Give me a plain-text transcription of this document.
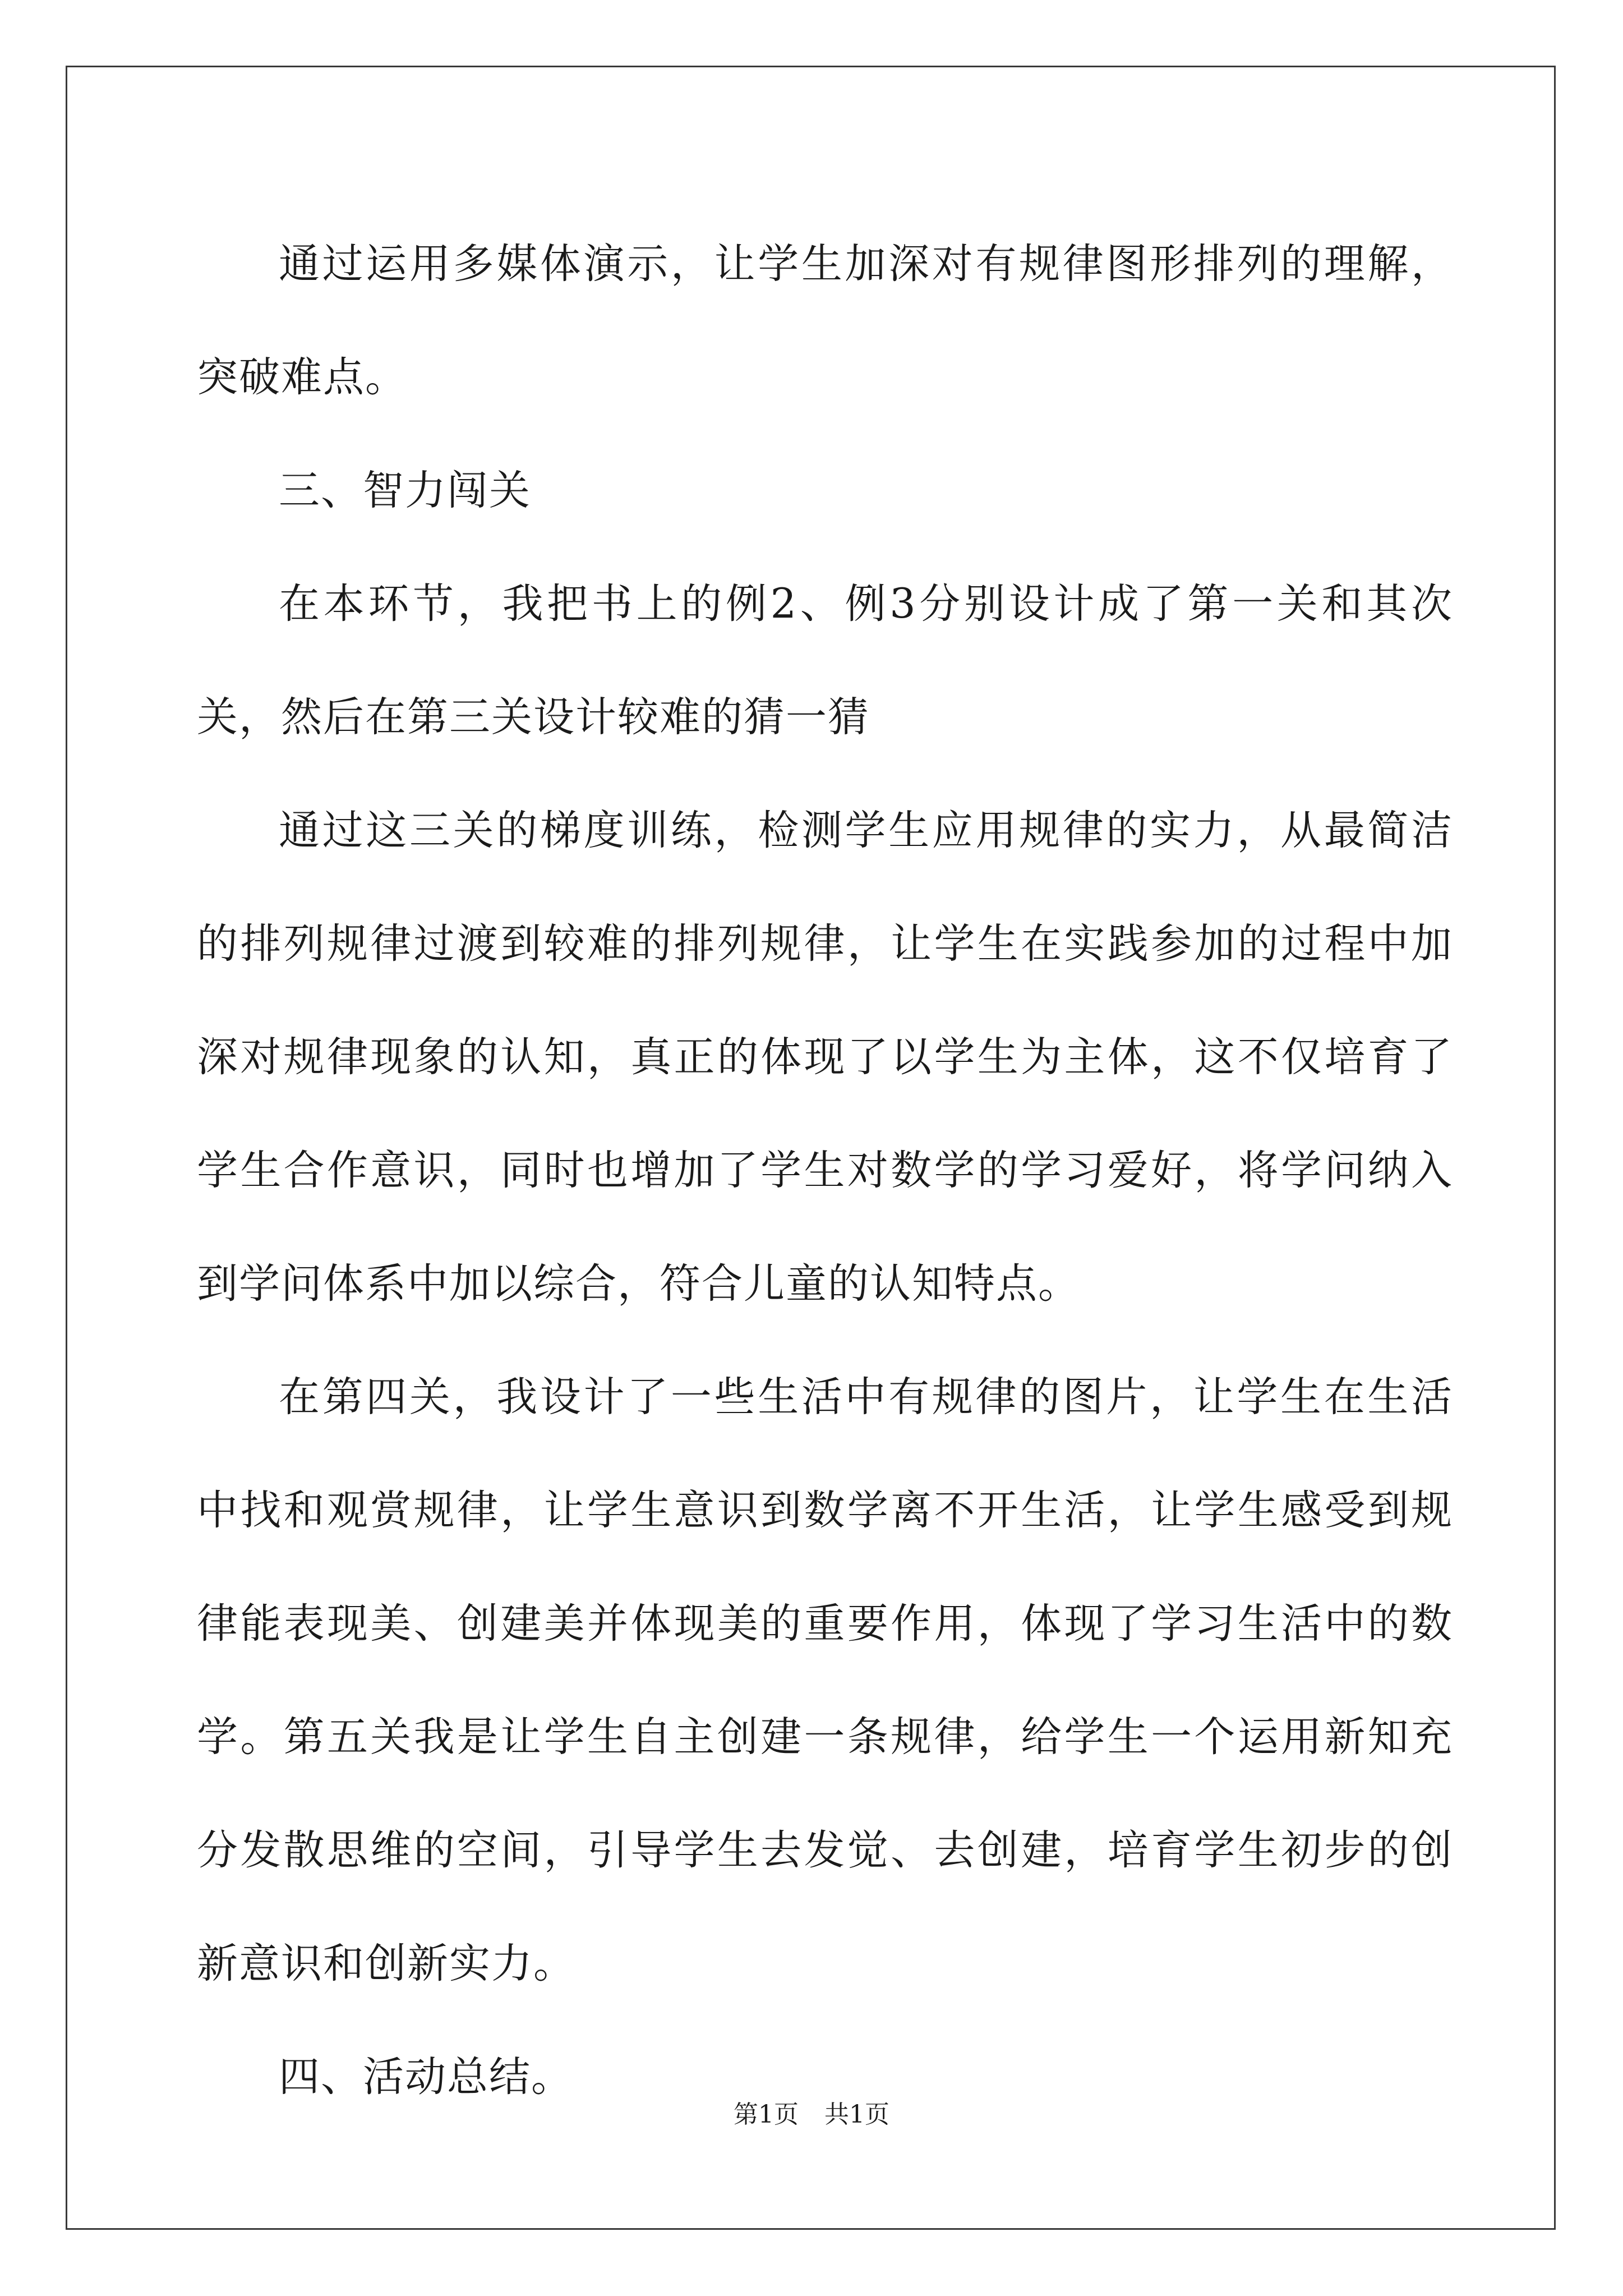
通过运用多媒体演示，让学生加深对有规律图形排列的理解，突破难点。

三、智力闯关

在本环节，我把书上的例2、例3分别设计成了第一关和其次关，然后在第三关设计较难的猜一猜

通过这三关的梯度训练，检测学生应用规律的实力，从最简洁的排列规律过渡到较难的排列规律，让学生在实践参加的过程中加深对规律现象的认知，真正的体现了以学生为主体，这不仅培育了学生合作意识，同时也增加了学生对数学的学习爱好，将学问纳入到学问体系中加以综合，符合儿童的认知特点。

在第四关，我设计了一些生活中有规律的图片，让学生在生活中找和观赏规律，让学生意识到数学离不开生活，让学生感受到规律能表现美、创建美并体现美的重要作用，体现了学习生活中的数学。第五关我是让学生自主创建一条规律，给学生一个运用新知充分发散思维的空间，引导学生去发觉、去创建，培育学生初步的创新意识和创新实力。

四、活动总结。

第1页 共1页
